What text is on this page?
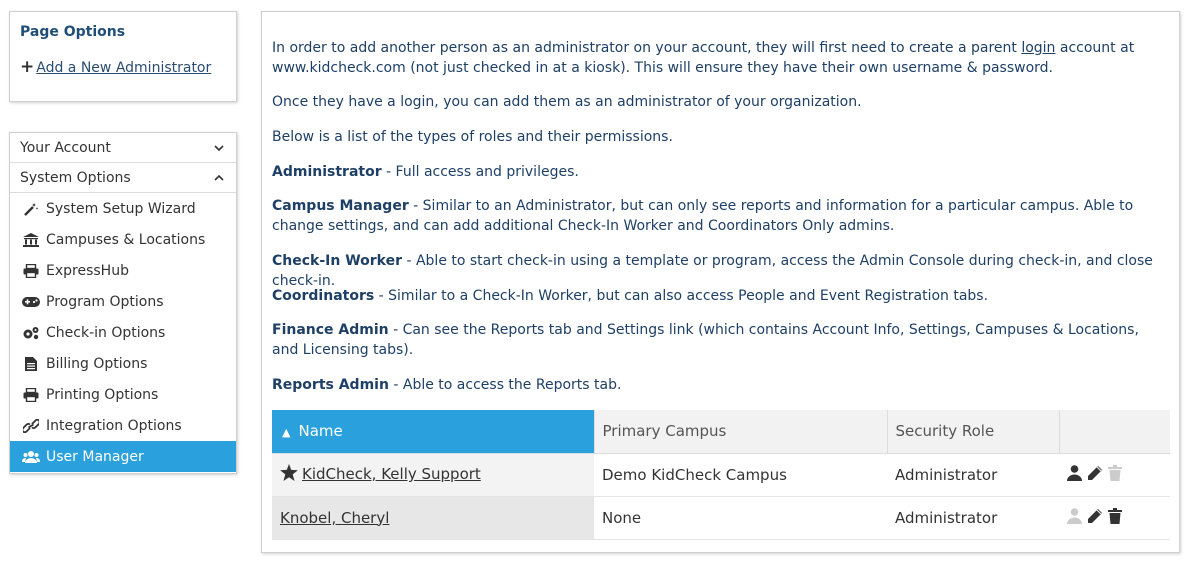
Page Options
+ Add a New Administrator
Your Account
System Options
System Setup Wizard
Campuses & Locations
ExpressHub
Program Options
Check-in Options
Billing Options
Printing Options
Integration Options
User Manager
In order to add another person as an administrator on your account, they will first need to create a parent login account at
www.kidcheck.com (not just checked in at a kiosk). This will ensure they have their own username & password.
Once they have a login, you can add them as an administrator of your organization.
Below is a list of the types of roles and their permissions.
Administrator - Full access and privileges.
Campus Manager - Similar to an Administrator, but can only see reports and information for a particular campus. Able to change settings, and can add additional Check-In Worker and Coordinators Only admins.
Check-In Worker - Able to start check-in using a template or program, access the Admin Console during check-in, and close check-in.
Coordinators - Similar to a Check-In Worker, but can also access People and Event Registration tabs.
Finance Admin - Can see the Reports tab and Settings link (which contains Account Info, Settings, Campuses & Locations, and Licensing tabs).
Reports Admin - Able to access the Reports tab.
▲ Name	Primary Campus	Security Role	
KidCheck, Kelly Support	Demo KidCheck Campus	Administrator	

Knobel, Cheryl	None	Administrator	
